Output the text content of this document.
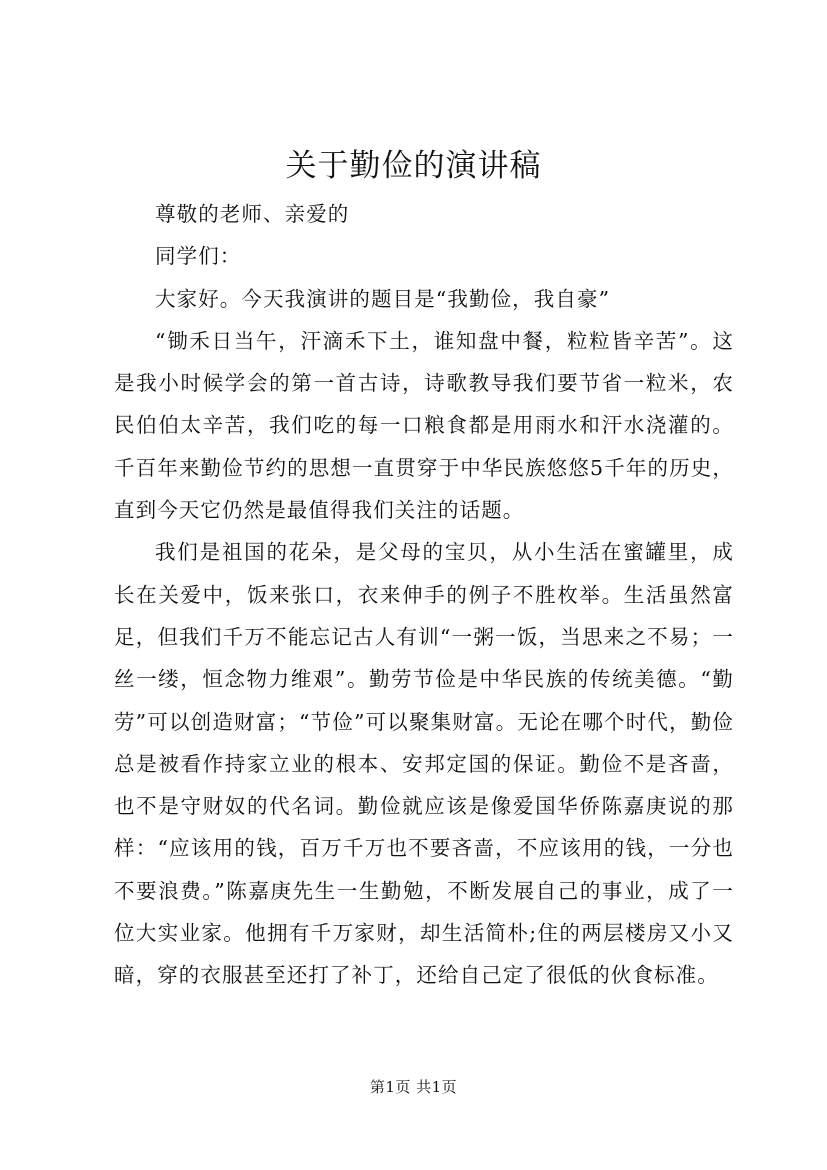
关于勤俭的演讲稿

尊敬的老师、亲爱的

同学们：

大家好。今天我演讲的题目是“我勤俭，我自豪”

“锄禾日当午，汗滴禾下土，谁知盘中餐，粒粒皆辛苦”。这是我小时候学会的第一首古诗，诗歌教导我们要节省一粒米，农民伯伯太辛苦，我们吃的每一口粮食都是用雨水和汗水浇灌的。千百年来勤俭节约的思想一直贯穿于中华民族悠悠5千年的历史，直到今天它仍然是最值得我们关注的话题。

我们是祖国的花朵，是父母的宝贝，从小生活在蜜罐里，成长在关爱中，饭来张口，衣来伸手的例子不胜枚举。生活虽然富足，但我们千万不能忘记古人有训“一粥一饭，当思来之不易；一丝一缕，恒念物力维艰”。勤劳节俭是中华民族的传统美德。“勤劳”可以创造财富；“节俭”可以聚集财富。无论在哪个时代，勤俭总是被看作持家立业的根本、安邦定国的保证。勤俭不是吝啬，也不是守财奴的代名词。勤俭就应该是像爱国华侨陈嘉庚说的那样：“应该用的钱，百万千万也不要吝啬，不应该用的钱，一分也不要浪费。”陈嘉庚先生一生勤勉，不断发展自己的事业，成了一位大实业家。他拥有千万家财，却生活简朴;住的两层楼房又小又暗，穿的衣服甚至还打了补丁，还给自己定了很低的伙食标准。

第1页 共1页
